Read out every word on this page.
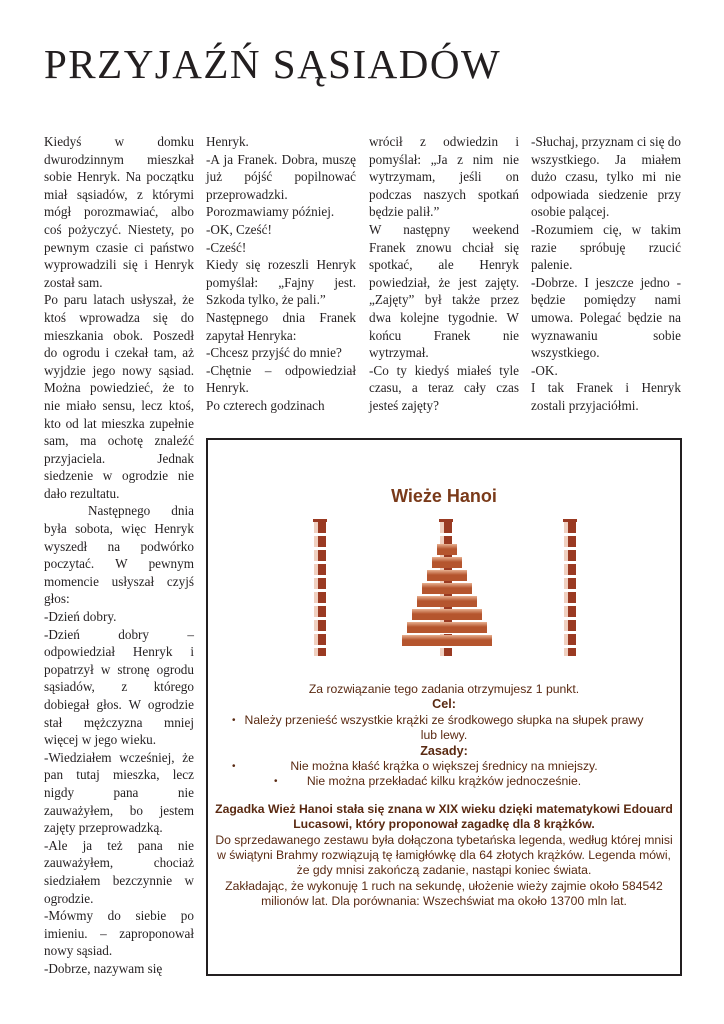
PRZYJAŹŃ SĄSIADÓW

Kiedyś w domku dwurodzinnym mieszkał sobie Henryk. Na początku miał sąsiadów, z którymi mógł porozmawiać, albo coś pożyczyć. Niestety, po pewnym czasie ci państwo wyprowadzili się i Henryk został sam.

Po paru latach usłyszał, że ktoś wprowadza się do mieszkania obok. Poszedł do ogrodu i czekał tam, aż wyjdzie jego nowy sąsiad. Można powiedzieć, że to nie miało sensu, lecz ktoś, kto od lat mieszka zupełnie sam, ma ochotę znaleźć przyjaciela. Jednak siedzenie w ogrodzie nie dało rezultatu.

Następnego dnia była sobota, więc Henryk wyszedł na podwórko poczytać. W pewnym momencie usłyszał czyjś głos:

-Dzień dobry.

-Dzień dobry – odpowiedział Henryk i popatrzył w stronę ogrodu sąsiadów, z którego dobiegał głos. W ogrodzie stał mężczyzna mniej więcej w jego wieku.

-Wiedziałem wcześniej, że pan tutaj mieszka, lecz nigdy pana nie zauważyłem, bo jestem zajęty przeprowadzką.

-Ale ja też pana nie zauważyłem, chociaż siedziałem bezczynnie w ogrodzie.

-Mówmy do siebie po imieniu. – zaproponował nowy sąsiad.

-Dobrze, nazywam się

Henryk.

-A ja Franek. Dobra, muszę już pójść popilnować przeprowadzki. Porozmawiamy później.

-OK, Cześć!

-Cześć!

Kiedy się rozeszli Henryk pomyślał: „Fajny jest. Szkoda tylko, że pali.”

Następnego dnia Franek zapytał Henryka:

-Chcesz przyjść do mnie?

-Chętnie – odpowiedział Henryk.

Po czterech godzinach

wrócił z odwiedzin i pomyślał: „Ja z nim nie wytrzymam, jeśli on podczas naszych spotkań będzie palił.”

W następny weekend Franek znowu chciał się spotkać, ale Henryk powiedział, że jest zajęty. „Zajęty” był także przez dwa kolejne tygodnie. W końcu Franek nie wytrzymał.

-Co ty kiedyś miałeś tyle czasu, a teraz cały czas jesteś zajęty?

-Słuchaj, przyznam ci się do wszystkiego. Ja miałem dużo czasu, tylko mi nie odpowiada siedzenie przy osobie palącej.

-Rozumiem cię, w takim razie spróbuję rzucić palenie.

-Dobrze. I jeszcze jedno - będzie pomiędzy nami umowa. Polegać będzie na wyznawaniu sobie wszystkiego.

-OK.

I tak Franek i Henryk zostali przyjaciółmi.

Wieże Hanoi

Za rozwiązanie tego zadania otrzymujesz 1 punkt.

Cel:

• Należy przenieść wszystkie krążki ze środkowego słupka na słupek prawy lub lewy.

Zasady:

• Nie można kłaść krążka o większej średnicy na mniejszy.
• Nie można przekładać kilku krążków jednocześnie.

Zagadka Wież Hanoi stała się znana w XIX wieku dzięki matematykowi Edouard Lucasowi, który proponował zagadkę dla 8 krążków.

Do sprzedawanego zestawu była dołączona tybetańska legenda, według której mnisi w świątyni Brahmy rozwiązują tę łamigłówkę dla 64 złotych krążków. Legenda mówi, że gdy mnisi zakończą zadanie, nastąpi koniec świata.

Zakładając, że wykonuję 1 ruch na sekundę, ułożenie wieży zajmie około 584542 milionów lat. Dla porównania: Wszechświat ma około 13700 mln lat.
